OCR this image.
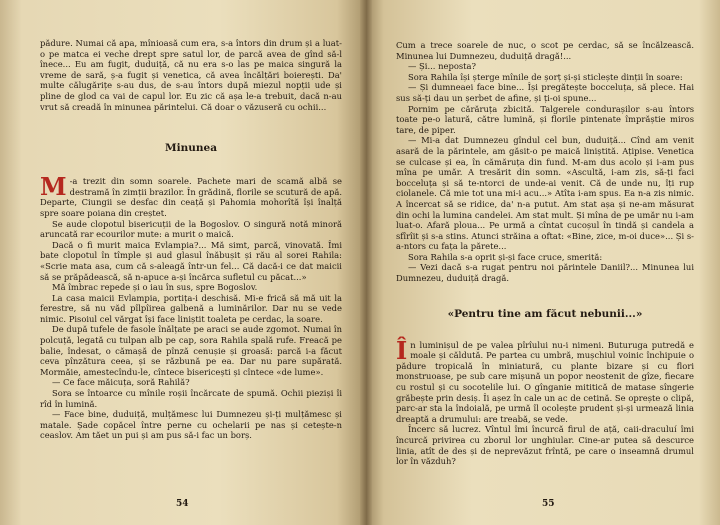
pădure. Numai că apa, mînioasă cum era, s-a întors din drum și a luat-o pe matca ei veche drept spre satul lor, de parcă avea de gînd să-l înece... Eu am fugit, duduiță, că nu era s-o las pe maica singură la vreme de sară, ș-a fugit și venetica, că avea încălțări boierești. Da' multe călugărițe s-au dus, de s-au întors după miezul nopții ude și pline de glod ca vai de capul lor. Eu zic că așa le-a trebuit, dacă n-au vrut să creadă în minunea părintelui. Că doar o văzuseră cu ochii...

Minunea
M -a trezit din somn soarele. Pachete mari de scamă albă se destramă în zimții brazilor. În grădină, florile se scutură de apă. Departe, Ciungii se desfac din ceață și Pahomia mohorîtă își înalță spre soare poiana din creștet.

Se aude clopotul bisericuții de la Bogoslov. O singură notă minoră aruncată rar ecourilor mute: a murit o maică.

Dacă o fi murit maica Evlampia?... Mă simt, parcă, vinovată. Îmi bate clopotul în tîmple și aud glasul înăbușit și rău al sorei Rahila: «Scrie mata asa, cum că s-aleagă într-un fel... Că dacă-i ce dat maicii să se prăpădească, să n-apuce a-și încărca sufletul cu păcat...»

Mă îmbrac repede și o iau în sus, spre Bogoslov.

La casa maicii Evlampia, portița-i deschisă. Mi-e frică să mă uit la ferestre, să nu văd pîlpîirea galbenă a luminărilor. Dar nu se vede nimic. Pisoiul cel vărgat își face liniștit toaleta pe cerdac, la soare.

De după tufele de fasole înălțate pe araci se aude zgomot. Numai în polcuță, legată cu tulpan alb pe cap, sora Rahila spală rufe. Freacă pe balie, îndesat, o cămașă de pînză cenușie și groasă: parcă i-a făcut ceva pînzătura ceea, și se răzbună pe ea. Dar nu pare supărată. Mormăie, amestecîndu-le, cîntece bisericești și cîntece «de lume».

— Ce face măicuța, soră Rahilă?

Sora se întoarce cu mînile roșii încărcate de spumă. Ochii pieziși îi rîd în lumină.

— Face bine, duduiță, mulțămesc lui Dumnezeu și-ți mulțămesc și matale. Șade copăcel între perne cu ochelarii pe nas și cetește-n ceaslov. Am tăet un pui și am pus să-i fac un borș.

54

Cum a trece soarele de nuc, o scot pe cerdac, să se încălzească. Minunea lui Dumnezeu, duduiță dragă!...

— Și... neposta?

Sora Rahila își șterge mînile de șorț și-și sticlește dinții în soare:

— Și dumneaei face bine... Își pregătește bocceluța, să plece. Hai sus să-ți dau un șerbet de afine, și ți-oi spune...

Pornim pe cărăruța zbicită. Talgerele condurașilor s-au întors toate pe-o latură, către lumină, și florile pintenate împrăștie miros tare, de piper.

— Mi-a dat Dumnezeu gîndul cel bun, duduiță... Cînd am venit asară de la părintele, am găsit-o pe maică liniștită. Ațipise. Venetica se culcase și ea, în cămăruța din fund. M-am dus acolo și i-am pus mîna pe umăr. A tresărit din somn. «Ascultă, i-am zis, să-ți faci bocceluța și să te-ntorci de unde-ai venit. Că de unde nu, îți rup ciolanele. Că mie tot una mi-i acu...» Atîta i-am spus. Ea n-a zis nimic. A încercat să se ridice, da' n-a putut. Am stat așa și ne-am măsurat din ochi la lumina candelei. Am stat mult. Și mîna de pe umăr nu i-am luat-o. Afară ploua... Pe urmă a cîntat cucoșul în tindă și candela a sfîrîit și s-a stins. Atunci străina a oftat: «Bine, zice, m-oi duce»... Și s-a-ntors cu fața la părete...

Sora Rahila s-a oprit și-și face cruce, smerită:

— Vezi dacă s-a rugat pentru noi părintele Daniil?... Minunea lui Dumnezeu, duduiță dragă.

«Pentru tine am făcut nebunii...»
Î n luminișul de pe valea pîrîului nu-i nimeni. Buturuga putredă e moale și căldută. Pe partea cu umbră, mușchiul voinic închipuie o pădure tropicală în miniatură, cu plante bizare și cu flori monstruoase, pe sub care mișună un popor neostenit de gîze, fiecare cu rostul și cu socotelile lui. O gînganie mititică de matase sîngerie grăbește prin desiș. Îi așez în cale un ac de cetină. Se oprește o clipă, parc-ar sta la îndoială, pe urmă îl ocolește prudent și-și urmează linia dreaptă a drumului: are treabă, se vede.

Încerc să lucrez. Vîntul îmi încurcă firul de ață, caii-draculuí îmi încurcă privirea cu zborul lor unghiular. Cine-ar putea să descurce linia, atît de des și de neprevăzut frîntă, pe care o inseamnă drumul lor în văzduh?

55
